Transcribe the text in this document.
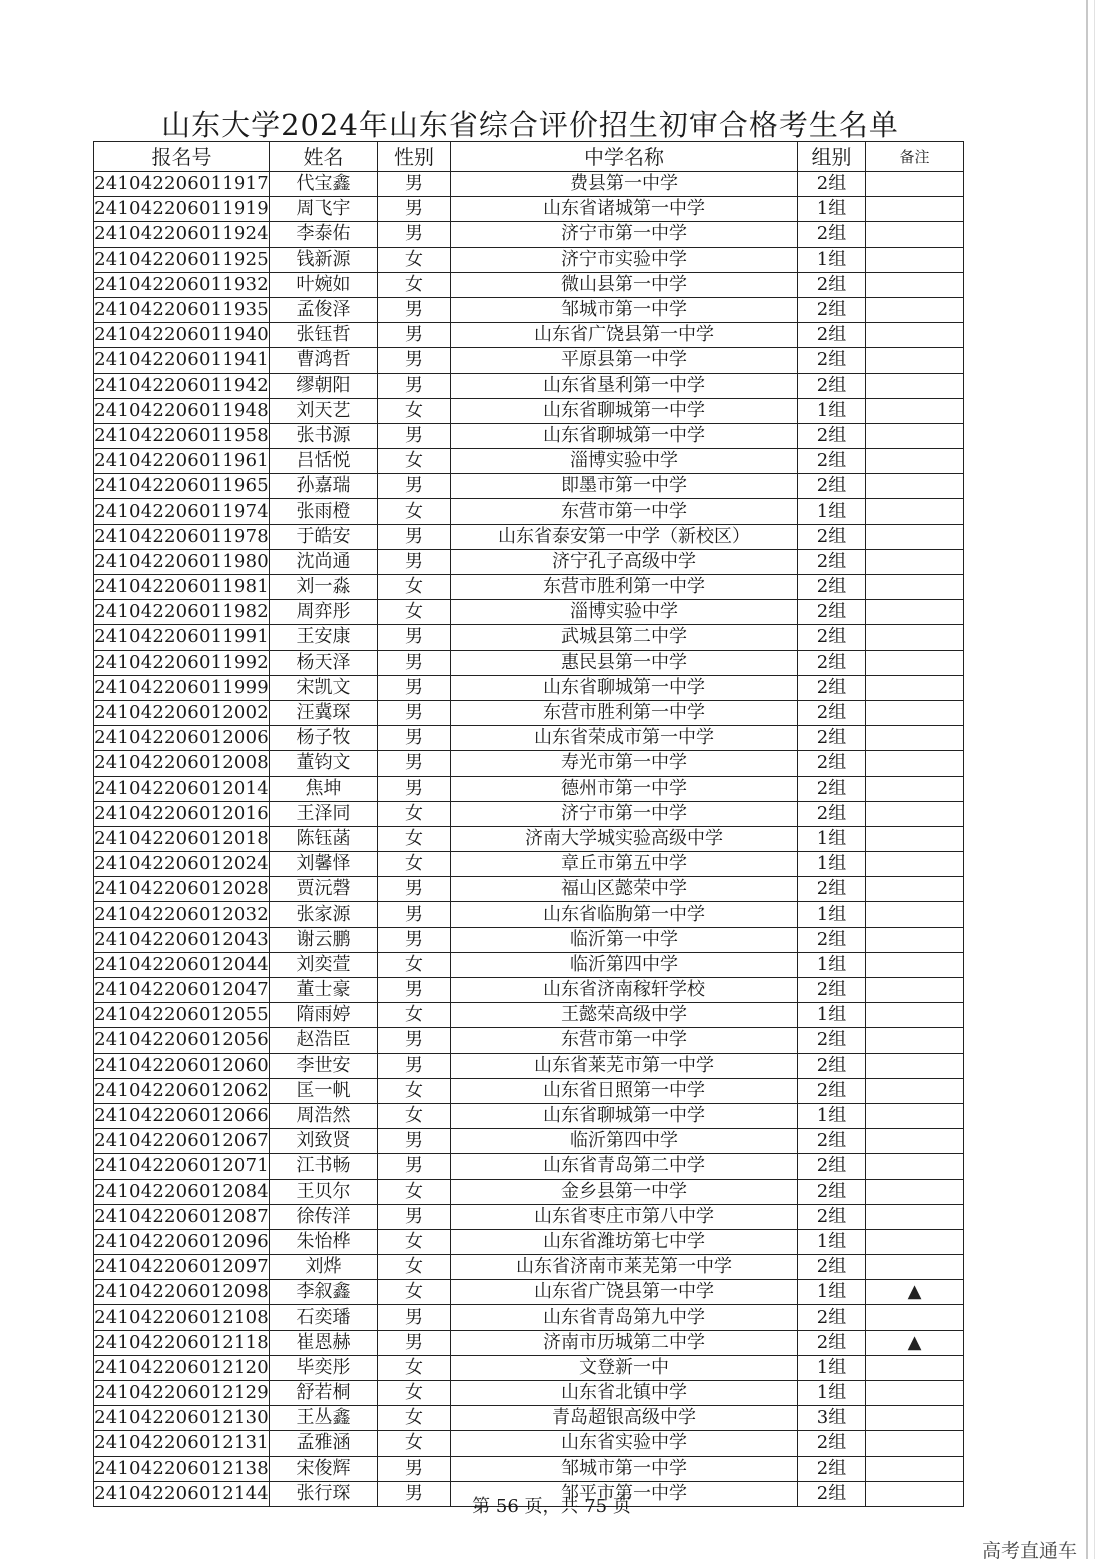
山东大学2024年山东省综合评价招生初审合格考生名单
报名号	姓名	性别	中学名称	组别	备注
241042206011917	代宝鑫	男	费县第一中学	2组	
241042206011919	周飞宇	男	山东省诸城第一中学	1组	
241042206011924	李泰佑	男	济宁市第一中学	2组	
241042206011925	钱新源	女	济宁市实验中学	1组	
241042206011932	叶婉如	女	微山县第一中学	2组	
241042206011935	孟俊泽	男	邹城市第一中学	2组	
241042206011940	张钰哲	男	山东省广饶县第一中学	2组	
241042206011941	曹鸿哲	男	平原县第一中学	2组	
241042206011942	缪朝阳	男	山东省垦利第一中学	2组	
241042206011948	刘天艺	女	山东省聊城第一中学	1组	
241042206011958	张书源	男	山东省聊城第一中学	2组	
241042206011961	吕恬悦	女	淄博实验中学	2组	
241042206011965	孙嘉瑞	男	即墨市第一中学	2组	
241042206011974	张雨橙	女	东营市第一中学	1组	
241042206011978	于皓安	男	山东省泰安第一中学（新校区）	2组	
241042206011980	沈尚通	男	济宁孔子高级中学	2组	
241042206011981	刘一淼	女	东营市胜利第一中学	2组	
241042206011982	周弈彤	女	淄博实验中学	2组	
241042206011991	王安康	男	武城县第二中学	2组	
241042206011992	杨天泽	男	惠民县第一中学	2组	
241042206011999	宋凯文	男	山东省聊城第一中学	2组	
241042206012002	汪冀琛	男	东营市胜利第一中学	2组	
241042206012006	杨子牧	男	山东省荣成市第一中学	2组	
241042206012008	董钧文	男	寿光市第一中学	2组	
241042206012014	焦坤	男	德州市第一中学	2组	
241042206012016	王泽同	女	济宁市第一中学	2组	
241042206012018	陈钰菡	女	济南大学城实验高级中学	1组	
241042206012024	刘馨怿	女	章丘市第五中学	1组	
241042206012028	贾沅磬	男	福山区懿荣中学	2组	
241042206012032	张家源	男	山东省临朐第一中学	1组	
241042206012043	谢云鹏	男	临沂第一中学	2组	
241042206012044	刘奕萱	女	临沂第四中学	1组	
241042206012047	董士豪	男	山东省济南稼轩学校	2组	
241042206012055	隋雨婷	女	王懿荣高级中学	1组	
241042206012056	赵浩臣	男	东营市第一中学	2组	
241042206012060	李世安	男	山东省莱芜市第一中学	2组	
241042206012062	匡一帆	女	山东省日照第一中学	2组	
241042206012066	周浩然	女	山东省聊城第一中学	1组	
241042206012067	刘致贤	男	临沂第四中学	2组	
241042206012071	江书畅	男	山东省青岛第二中学	2组	
241042206012084	王贝尔	女	金乡县第一中学	2组	
241042206012087	徐传洋	男	山东省枣庄市第八中学	2组	
241042206012096	朱怡桦	女	山东省潍坊第七中学	1组	
241042206012097	刘烨	女	山东省济南市莱芜第一中学	2组	
241042206012098	李叙鑫	女	山东省广饶县第一中学	1组	▲
241042206012108	石奕璠	男	山东省青岛第九中学	2组	
241042206012118	崔恩赫	男	济南市历城第二中学	2组	▲
241042206012120	毕奕彤	女	文登新一中	1组	
241042206012129	舒若桐	女	山东省北镇中学	1组	
241042206012130	王丛鑫	女	青岛超银高级中学	3组	
241042206012131	孟雅涵	女	山东省实验中学	2组	
241042206012138	宋俊辉	男	邹城市第一中学	2组	
241042206012144	张行琛	男	邹平市第一中学	2组	
第 56 页，共 75 页
高考直通车
